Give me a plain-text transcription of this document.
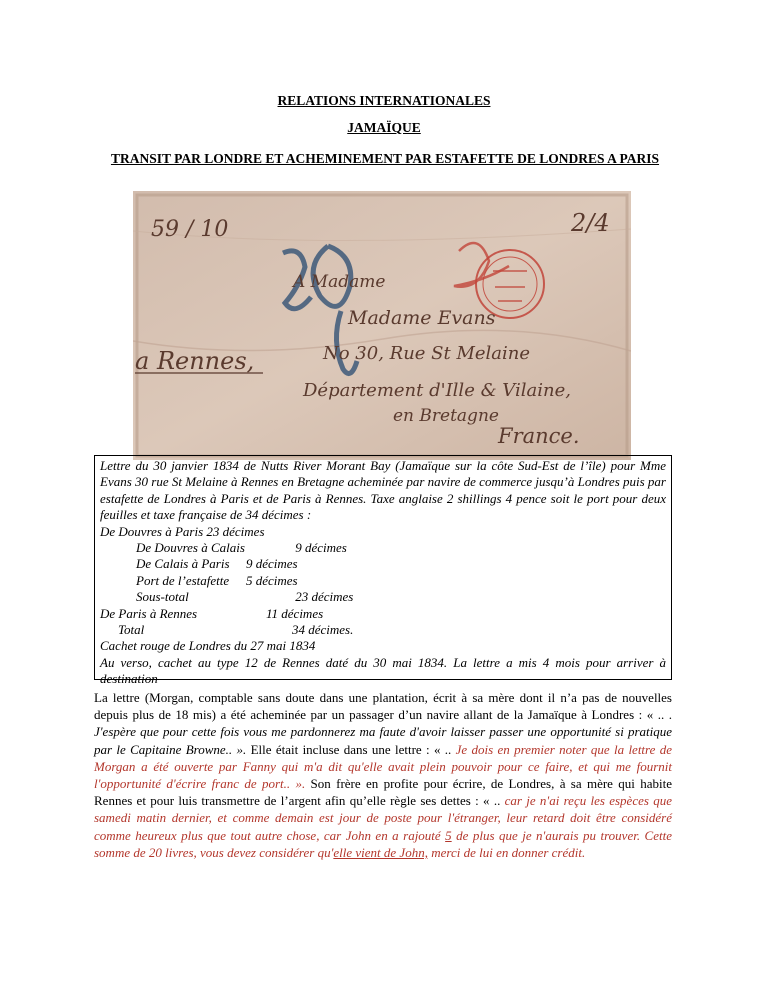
RELATIONS INTERNATIONALES
JAMAÏQUE
TRANSIT PAR LONDRE ET ACHEMINEMENT PAR ESTAFETTE DE LONDRES A PARIS
59 / 10	2/4
A Madame
Madame Evans
a Rennes,	No 30, Rue St Melaine
Département d'Ille & Vilaine,
en Bretagne
France.

Lettre du 30 janvier 1834 de Nutts River Morant Bay (Jamaïque sur la côte Sud-Est de l’île) pour Mme Evans 30 rue St Melaine à Rennes en Bretagne acheminée par navire de commerce jusqu’à Londres puis par estafette de Londres à Paris et de Paris à Rennes. Taxe anglaise 2 shillings 4 pence soit le port pour deux feuilles et taxe française de 34 décimes :

De Douvres à Paris 23 décimes

De Douvres à Calais	9 décimes

De Calais à Paris 9 décimes

Port de l’estafette 5 décimes

Sous-total	23 décimes

De Paris à Rennes	11 décimes

Total	34 décimes.

Cachet rouge de Londres du 27 mai 1834

Au verso, cachet au type 12 de Rennes daté du 30 mai 1834. La lettre a mis 4 mois pour arriver à destination

La lettre (Morgan, comptable sans doute dans une plantation, écrit à sa mère dont il n’a pas de nouvelles depuis plus de 18 mis) a été acheminée par un passager d’un navire allant de la Jamaïque à Londres : « .. . J'espère que pour cette fois vous me pardonnerez ma faute d'avoir laisser passer une opportunité si pratique par le Capitaine Browne.. ». Elle était incluse dans une lettre : « .. Je dois en premier noter que la lettre de Morgan a été ouverte par Fanny qui m'a dit qu'elle avait plein pouvoir pour ce faire, et qui me fournit l'opportunité d'écrire franc de port.. ». Son frère en profite pour écrire, de Londres, à sa mère qui habite Rennes et pour luis transmettre de l’argent afin qu’elle règle ses dettes : « .. car je n'ai reçu les espèces que samedi matin dernier, et comme demain est jour de poste pour l'étranger, leur retard doit être considéré comme heureux plus que tout autre chose, car John en a rajouté 5 de plus que je n'aurais pu trouver. Cette somme de 20 livres, vous devez considérer qu'elle vient de John, merci de lui en donner crédit.
